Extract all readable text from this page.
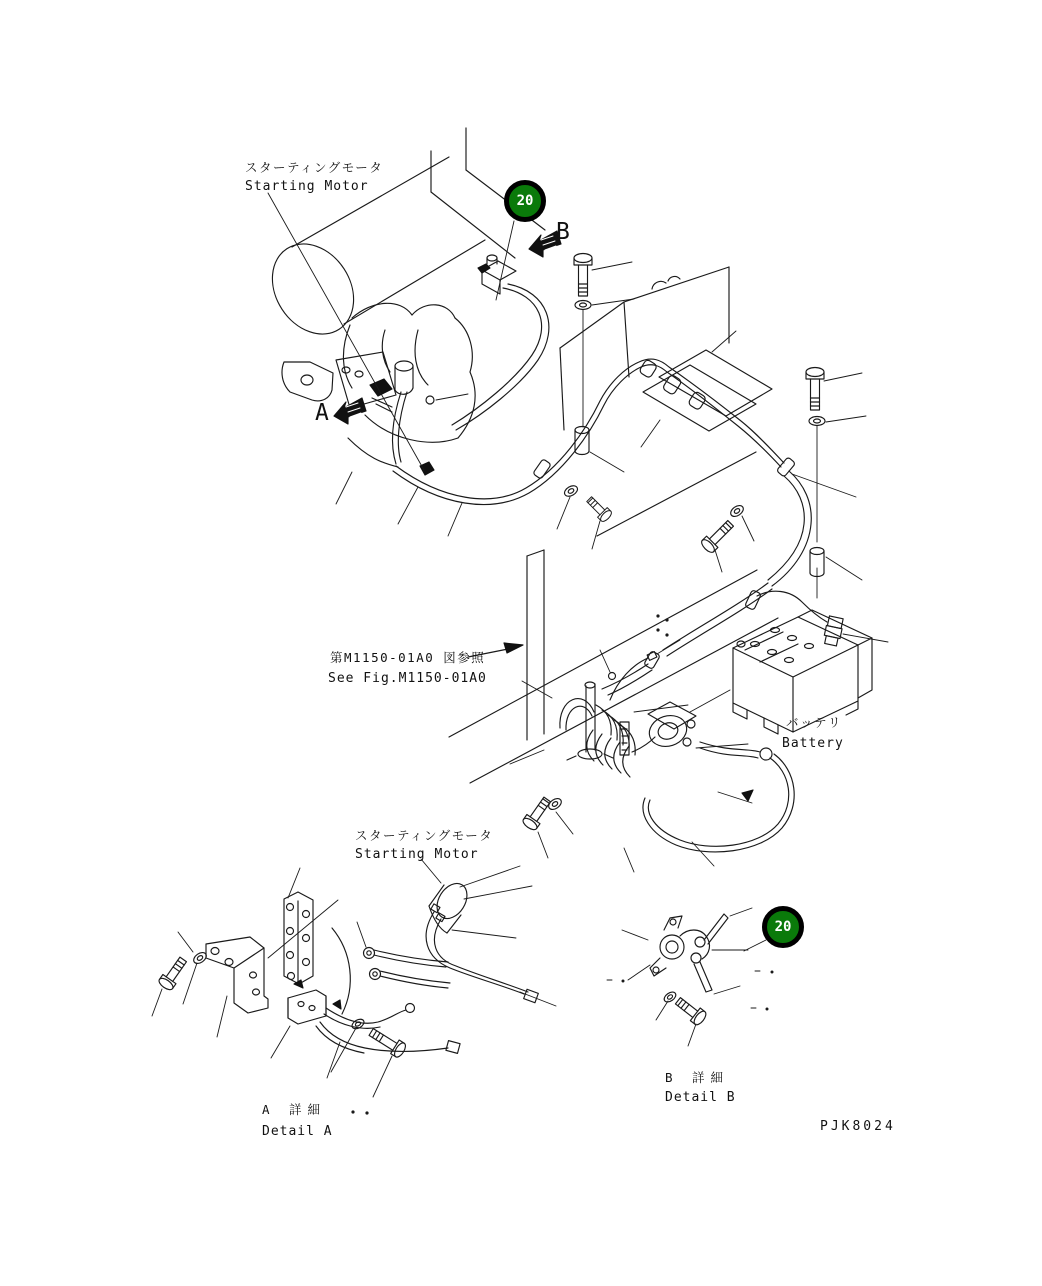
スターティングモータ
Starting Motor
B
A
第M1150-01A0 図参照
See Fig.M1150-01A0
バッテリ
Battery
スターティングモータ
Starting Motor
A 詳細
Detail A
B 詳細
Detail B
PJK8024
20
20
